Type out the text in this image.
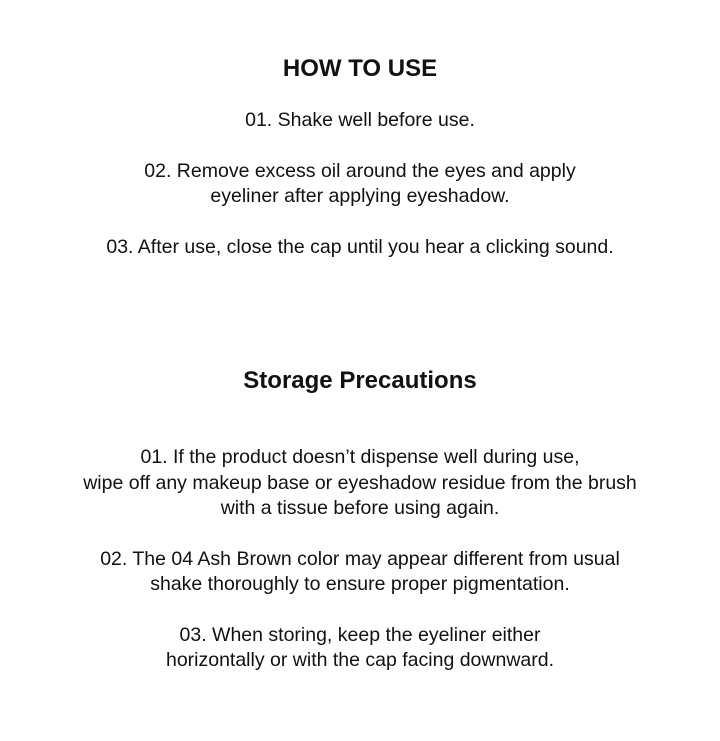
HOW TO USE

01. Shake well before use.

02. Remove excess oil around the eyes and apply
eyeliner after applying eyeshadow.

03. After use, close the cap until you hear a clicking sound.

Storage Precautions

01. If the product doesn’t dispense well during use,
wipe off any makeup base or eyeshadow residue from the brush
with a tissue before using again.

02. The 04 Ash Brown color may appear different from usual
shake thoroughly to ensure proper pigmentation.

03. When storing, keep the eyeliner either
horizontally or with the cap facing downward.
